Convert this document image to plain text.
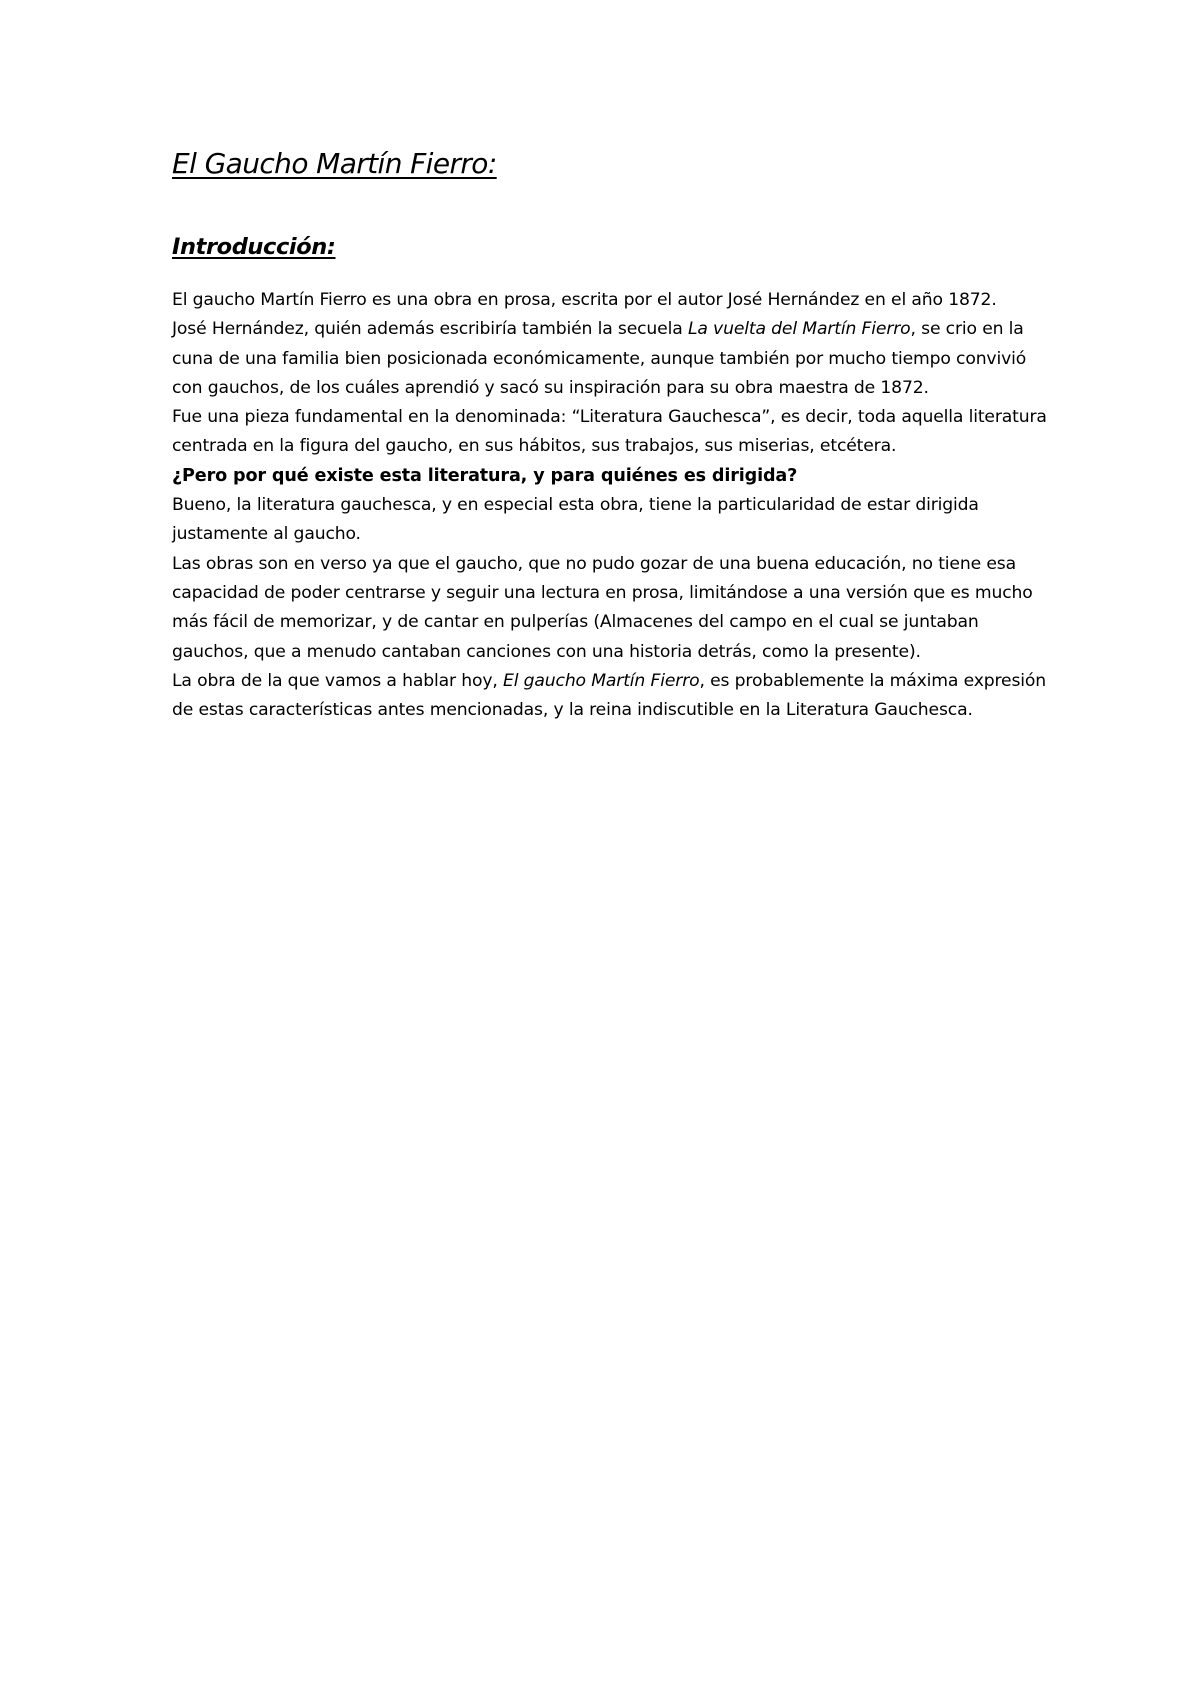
El Gaucho Martín Fierro:
Introducción:

El gaucho Martín Fierro es una obra en prosa, escrita por el autor José Hernández en el año 1872.

José Hernández, quién además escribiría también la secuela La vuelta del Martín Fierro, se crio en la cuna de una familia bien posicionada económicamente, aunque también por mucho tiempo convivió con gauchos, de los cuáles aprendió y sacó su inspiración para su obra maestra de 1872.

Fue una pieza fundamental en la denominada: “Literatura Gauchesca”, es decir, toda aquella literatura centrada en la figura del gaucho, en sus hábitos, sus trabajos, sus miserias, etcétera.

¿Pero por qué existe esta literatura, y para quiénes es dirigida?

Bueno, la literatura gauchesca, y en especial esta obra, tiene la particularidad de estar dirigida justamente al gaucho.

Las obras son en verso ya que el gaucho, que no pudo gozar de una buena educación, no tiene esa capacidad de poder centrarse y seguir una lectura en prosa, limitándose a una versión que es mucho más fácil de memorizar, y de cantar en pulperías (Almacenes del campo en el cual se juntaban gauchos, que a menudo cantaban canciones con una historia detrás, como la presente).

La obra de la que vamos a hablar hoy, El gaucho Martín Fierro, es probablemente la máxima expresión de estas características antes mencionadas, y la reina indiscutible en la Literatura Gauchesca.
